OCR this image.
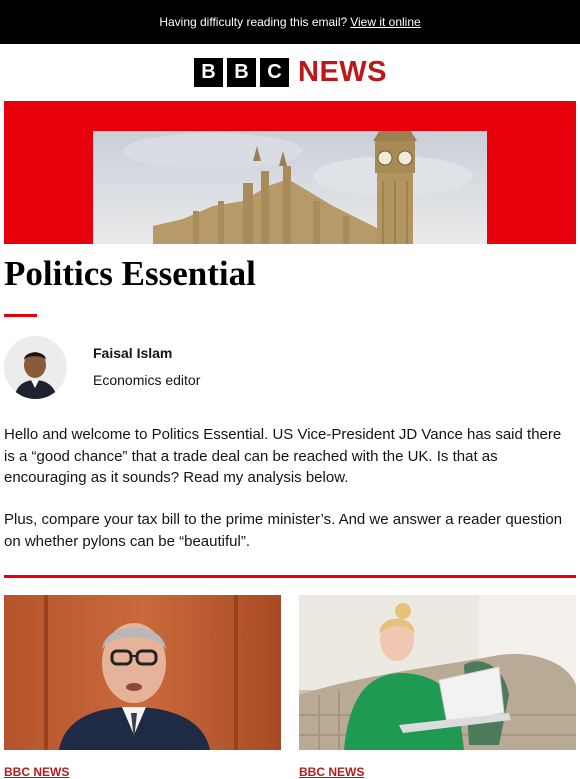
Having difficulty reading this email? View it online
B B C NEWS
Politics Essential
Faisal Islam
Economics editor

Hello and welcome to Politics Essential. US Vice-President JD Vance has said there is a “good chance” that a trade deal can be reached with the UK. Is that as encouraging as it sounds? Read my analysis below.

Plus, compare your tax bill to the prime minister’s. And we answer a reader question on whether pylons can be “beautiful”.

BBC NEWS	BBC NEWS
